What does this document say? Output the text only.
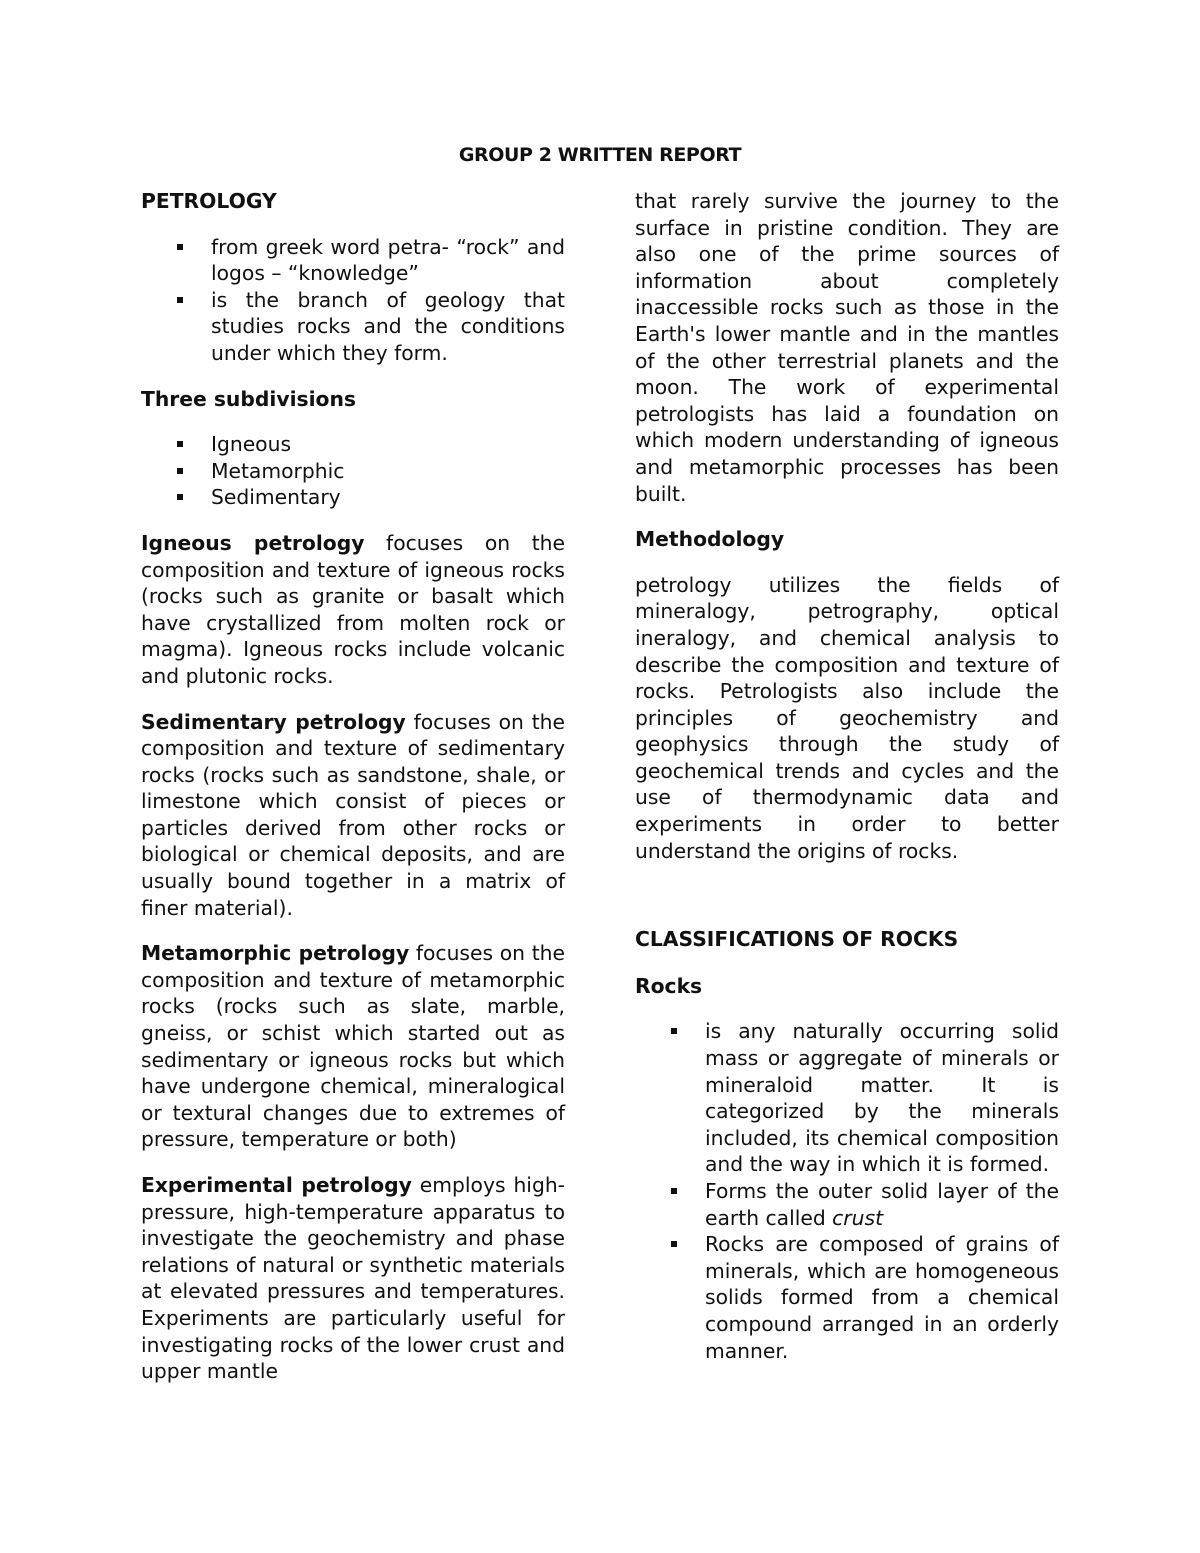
GROUP 2 WRITTEN REPORT
PETROLOGY
from greek word petra- “rock” and logos – “knowledge”
is the branch of geology that studies rocks and the conditions under which they form.
Three subdivisions
Igneous
Metamorphic
Sedimentary

Igneous petrology focuses on the composition and texture of igneous rocks (rocks such as granite or basalt which have crystallized from molten rock or magma). Igneous rocks include volcanic and plutonic rocks.

Sedimentary petrology focuses on the composition and texture of sedimentary rocks (rocks such as sandstone, shale, or limestone which consist of pieces or particles derived from other rocks or biological or chemical deposits, and are usually bound together in a matrix of finer material).

Metamorphic petrology focuses on the composition and texture of metamorphic rocks (rocks such as slate, marble, gneiss, or schist which started out as sedimentary or igneous rocks but which have undergone chemical, mineralogical or textural changes due to extremes of pressure, temperature or both)

Experimental petrology employs high-pressure, high-temperature apparatus to investigate the geochemistry and phase relations of natural or synthetic materials at elevated pressures and temperatures. Experiments are particularly useful for investigating rocks of the lower crust and upper mantle

that rarely survive the journey to the surface in pristine condition. They are also one of the prime sources of information about completely inaccessible rocks such as those in the Earth's lower mantle and in the mantles of the other terrestrial planets and the moon. The work of experimental petrologists has laid a foundation on which modern understanding of igneous and metamorphic processes has been built.

Methodology

petrology utilizes the fields of mineralogy, petrography, optical ineralogy, and chemical analysis to describe the composition and texture of rocks. Petrologists also include the principles of geochemistry and geophysics through the study of geochemical trends and cycles and the use of thermodynamic data and experiments in order to better understand the origins of rocks.

CLASSIFICATIONS OF ROCKS
Rocks
is any naturally occurring solid mass or aggregate of minerals or mineraloid matter. It is categorized by the minerals included, its chemical composition and the way in which it is formed.
Forms the outer solid layer of the earth called crust
Rocks are composed of grains of minerals, which are homogeneous solids formed from a chemical compound arranged in an orderly manner.
